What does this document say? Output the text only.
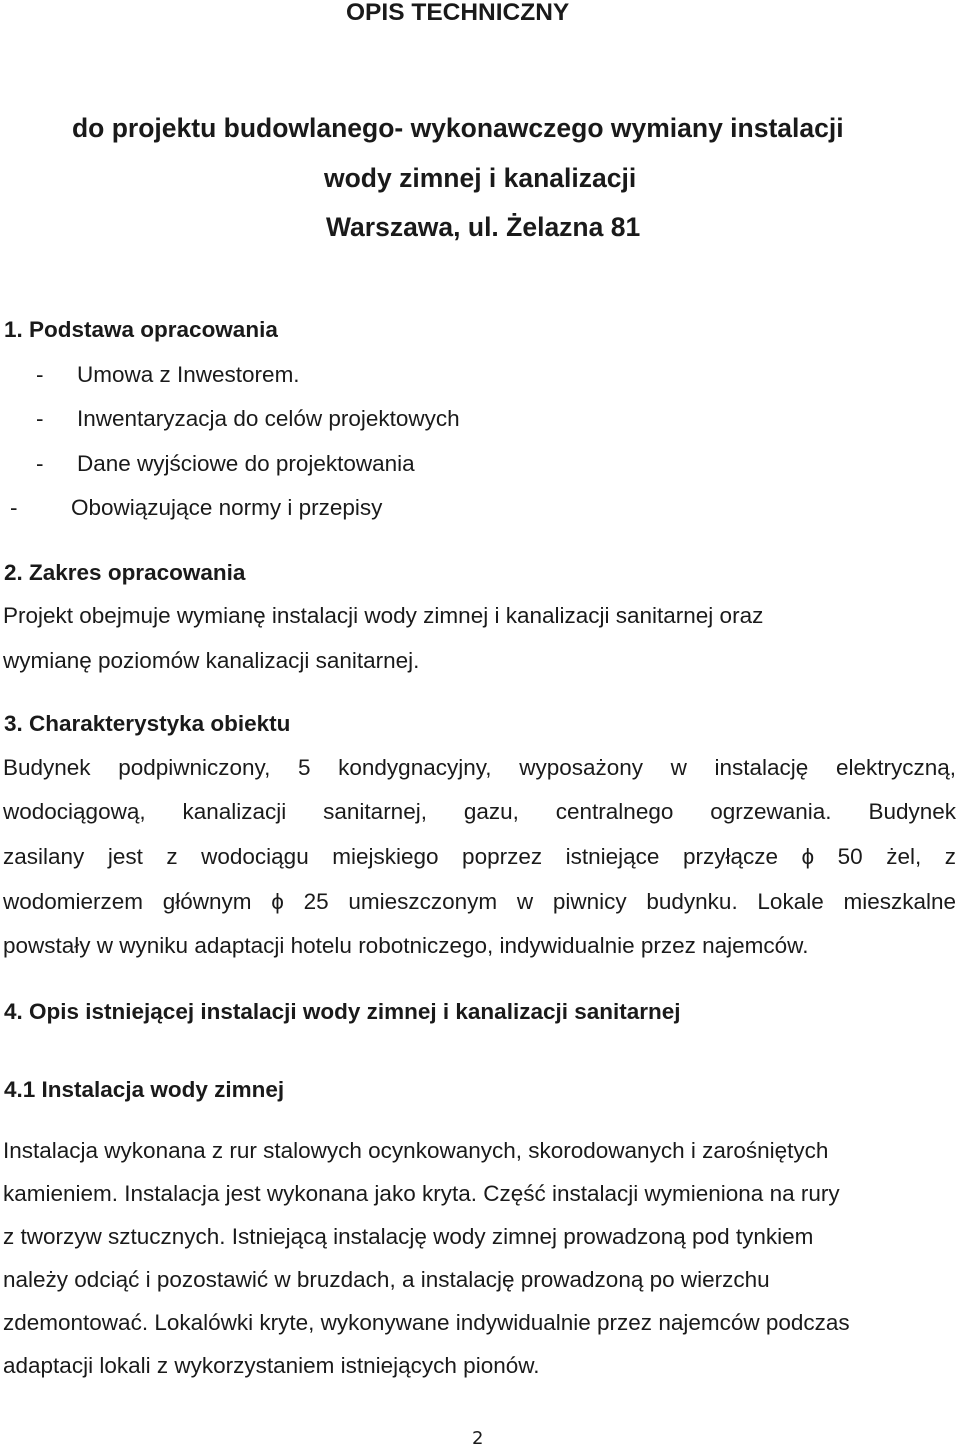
OPIS TECHNICZNY
do projektu budowlanego- wykonawczego wymiany instalacji
wody zimnej i kanalizacji
Warszawa, ul. Żelazna 81
1. Podstawa opracowania
- Umowa z Inwestorem.
- Inwentaryzacja do celów projektowych
- Dane wyjściowe do projektowania
- Obowiązujące normy i przepisy
2. Zakres opracowania
Projekt obejmuje wymianę instalacji wody zimnej i kanalizacji sanitarnej oraz
wymianę poziomów kanalizacji sanitarnej.
3. Charakterystyka obiektu
Budynek podpiwniczony, 5 kondygnacyjny, wyposażony w instalację elektryczną,
wodociągową, kanalizacji sanitarnej, gazu, centralnego ogrzewania. Budynek
zasilany jest z wodociągu miejskiego poprzez istniejące przyłącze ϕ 50 żel, z
wodomierzem głównym ϕ 25 umieszczonym w piwnicy budynku. Lokale mieszkalne
powstały w wyniku adaptacji hotelu robotniczego, indywidualnie przez najemców.
4. Opis istniejącej instalacji wody zimnej i kanalizacji sanitarnej
4.1 Instalacja wody zimnej
Instalacja wykonana z rur stalowych ocynkowanych, skorodowanych i zarośniętych
kamieniem. Instalacja jest wykonana jako kryta. Część instalacji wymieniona na rury
z tworzyw sztucznych. Istniejącą instalację wody zimnej prowadzoną pod tynkiem
należy odciąć i pozostawić w bruzdach, a instalację prowadzoną po wierzchu
zdemontować. Lokalówki kryte, wykonywane indywidualnie przez najemców podczas
adaptacji lokali z wykorzystaniem istniejących pionów.
2
